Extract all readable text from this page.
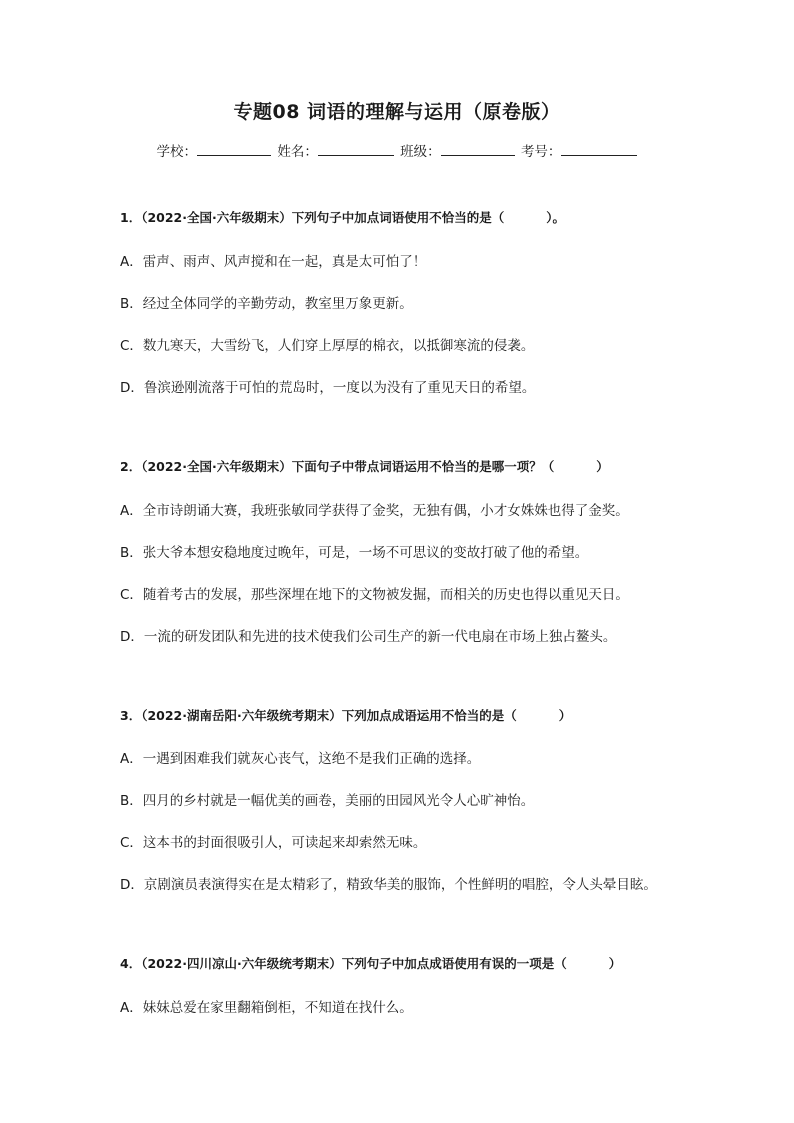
专题08 词语的理解与运用（原卷版）
学校：	姓名：	班级：	考号：
1．（2022·全国·六年级期末）下列句子中加点词语使用不恰当的是（	）。
A．雷声、雨声、风声搅和在一起，真是太可怕了！
B．经过全体同学的辛勤劳动，教室里万象更新。
C．数九寒天，大雪纷飞，人们穿上厚厚的棉衣，以抵御寒流的侵袭。
D．鲁滨逊刚流落于可怕的荒岛时，一度以为没有了重见天日的希望。
2．（2022·全国·六年级期末）下面句子中带点词语运用不恰当的是哪一项？（	）
A．全市诗朗诵大赛，我班张敏同学获得了金奖，无独有偶，小才女姝姝也得了金奖。
B．张大爷本想安稳地度过晚年，可是，一场不可思议的变故打破了他的希望。
C．随着考古的发展，那些深埋在地下的文物被发掘，而相关的历史也得以重见天日。
D．一流的研发团队和先进的技术使我们公司生产的新一代电扇在市场上独占鳌头。
3．（2022·湖南岳阳·六年级统考期末）下列加点成语运用不恰当的是（	）
A．一遇到困难我们就灰心丧气，这绝不是我们正确的选择。
B．四月的乡村就是一幅优美的画卷，美丽的田园风光令人心旷神怡。
C．这本书的封面很吸引人，可读起来却索然无味。
D．京剧演员表演得实在是太精彩了，精致华美的服饰，个性鲜明的唱腔，令人头晕目眩。
4．（2022·四川凉山·六年级统考期末）下列句子中加点成语使用有误的一项是（	）
A．妹妹总爱在家里翻箱倒柜，不知道在找什么。
